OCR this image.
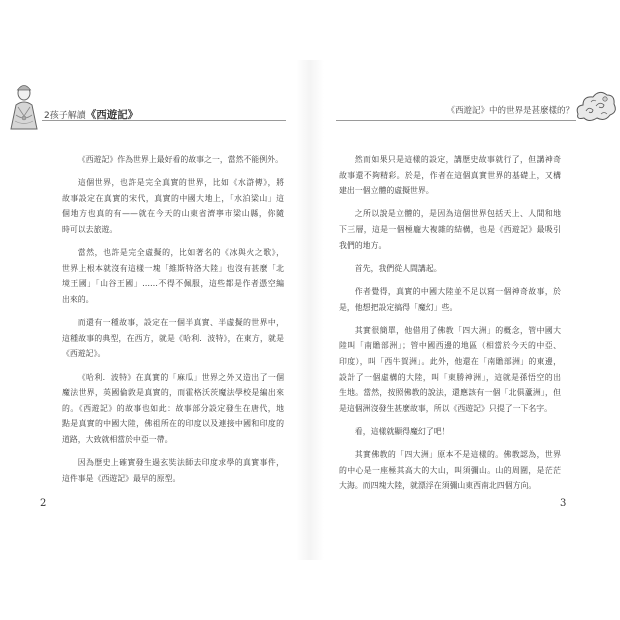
2孩子解讀《西遊記》
《西遊記》作為世界上最好看的故事之一，當然不能例外。
這個世界，也許是完全真實的世界，比如《水滸傳》，將
故事設定在真實的宋代，真實的中國大地上，「水泊梁山」這
個地方也真的有——就在今天的山東省濟寧市梁山縣，你隨
時可以去旅遊。
當然，也許是完全虛擬的，比如著名的《冰與火之歌》，
世界上根本就沒有這樣一塊「維斯特洛大陸」也沒有甚麼「北
境王國」「山谷王國」……不得不佩服，這些都是作者憑空編
出來的。
而還有一種故事，設定在一個半真實、半虛擬的世界中，
這種故事的典型，在西方，就是《哈利．波特》，在東方，就是
《西遊記》。
《哈利．波特》在真實的「麻瓜」世界之外又造出了一個
魔法世界，英國倫敦是真實的，而霍格沃茨魔法學校是編出來
的。《西遊記》的故事也如此：故事部分設定發生在唐代，地
點是真實的中國大陸，佛祖所在的印度以及連接中國和印度的
道路，大致就相當於中亞一帶。
因為歷史上確實發生過玄奘法師去印度求學的真實事件，
這件事是《西遊記》最早的原型。
2
《西遊記》中的世界是甚麼樣的？
然而如果只是這樣的設定，講歷史故事就行了，但講神奇
故事還不夠精彩。於是，作者在這個真實世界的基礎上，又構
建出一個立體的虛擬世界。
之所以說是立體的，是因為這個世界包括天上、人間和地
下三層，這是一個極龐大複雜的結構，也是《西遊記》最吸引
我們的地方。
首先，我們從人間講起。
作者覺得，真實的中國大陸並不足以寫一個神奇故事，於
是，他想把設定搞得「魔幻」些。
其實很簡單，他借用了佛教「四大洲」的概念，管中國大
陸叫「南贍部洲」；管中國西邊的地區（相當於今天的中亞、
印度），叫「西牛賀洲」。此外，他還在「南贍部洲」的東邊，
設計了一個虛構的大陸，叫「東勝神洲」，這就是孫悟空的出
生地。當然，按照佛教的說法，還應該有一個「北俱蘆洲」，但
是這個洲沒發生甚麼故事，所以《西遊記》只提了一下名字。
看，這樣就顯得魔幻了吧！
其實佛教的「四大洲」原本不是這樣的。佛教認為，世界
的中心是一座極其高大的大山，叫須彌山。山的周圍，是茫茫
大海。而四塊大陸，就漂浮在須彌山東西南北四個方向。
3
